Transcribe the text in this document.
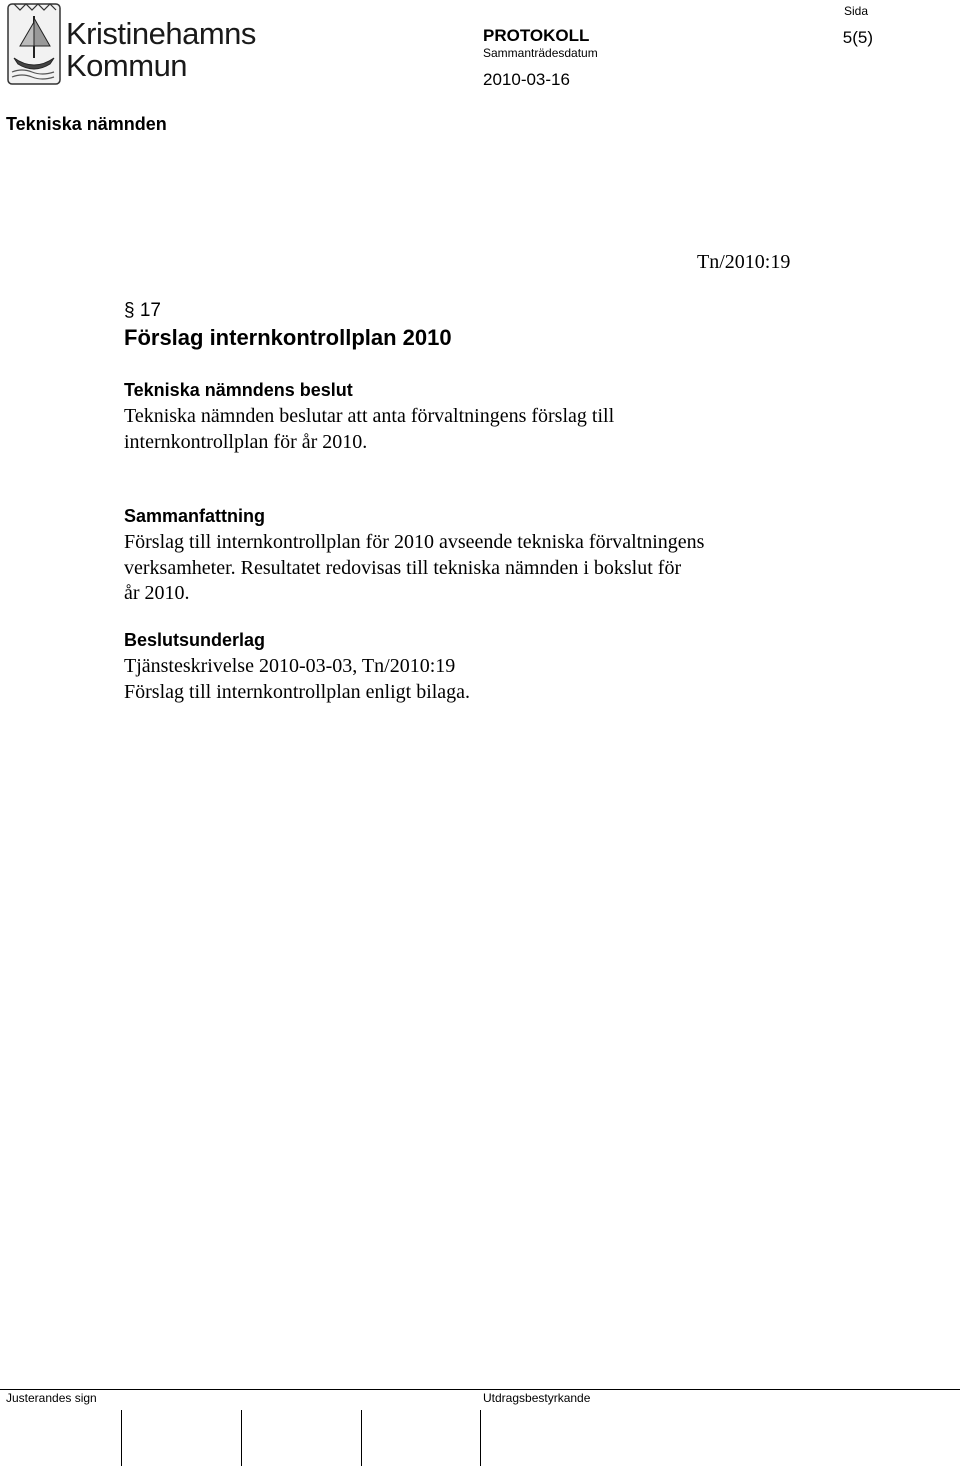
Kristinehamns
Kommun
PROTOKOLL
Sammanträdesdatum
2010-03-16
Sida
5(5)
Tekniska nämnden
Tn/2010:19
§ 17
Förslag internkontrollplan 2010
Tekniska nämndens beslut
Tekniska nämnden beslutar att anta förvaltningens förslag till
internkontrollplan för år 2010.
Sammanfattning
Förslag till internkontrollplan för 2010 avseende tekniska förvaltningens
verksamheter. Resultatet redovisas till tekniska nämnden i bokslut för
år 2010.
Beslutsunderlag
Tjänsteskrivelse 2010-03-03, Tn/2010:19
Förslag till internkontrollplan enligt bilaga.
Justerandes sign	Utdragsbestyrkande
